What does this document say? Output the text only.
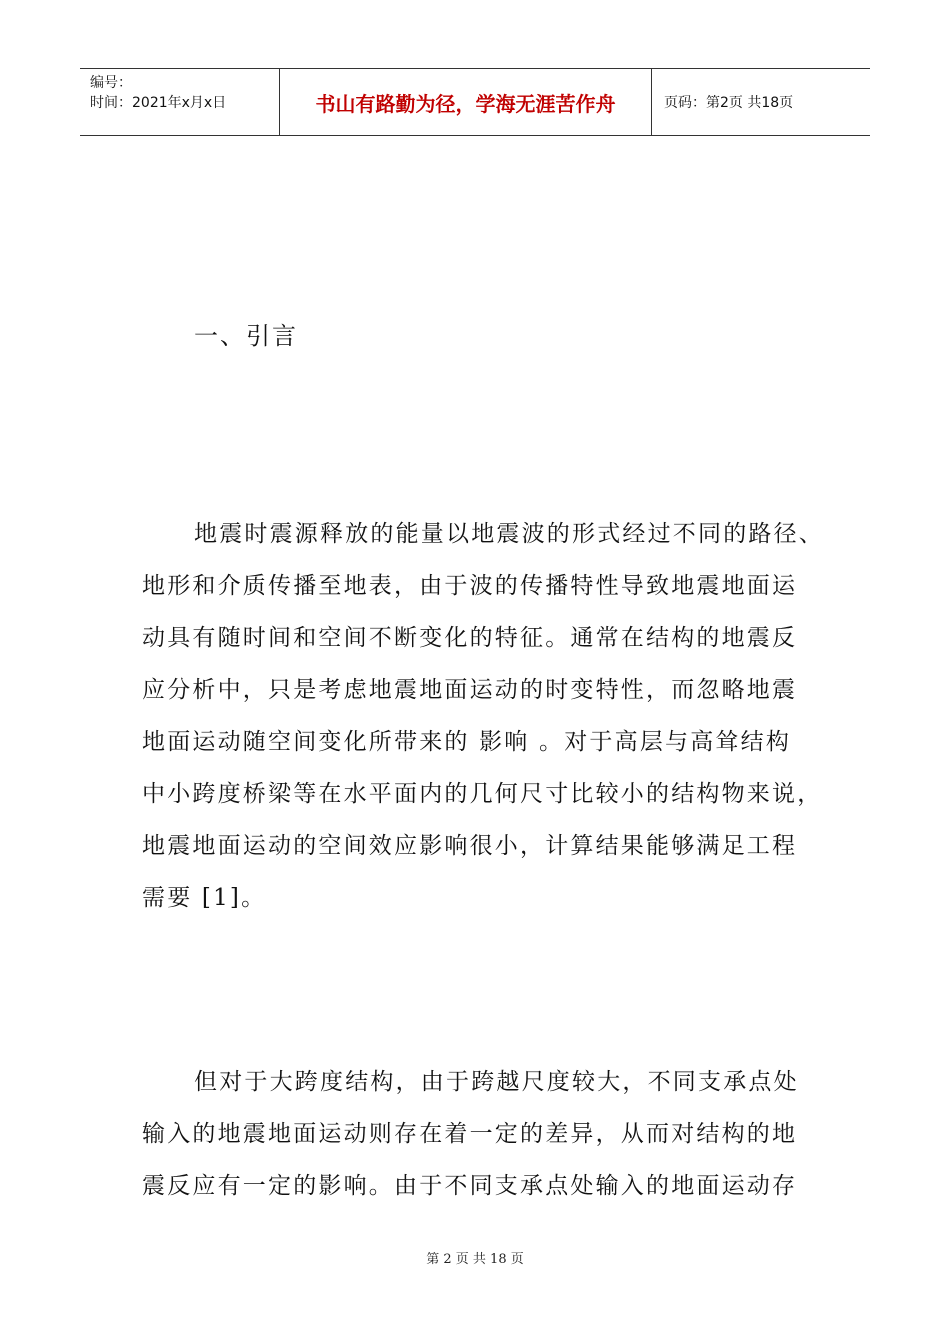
编号：
时间：2021年x月x日	书山有路勤为径，学海无涯苦作舟	页码：第2页 共18页
一、引言
地震时震源释放的能量以地震波的形式经过不同的路径、
地形和介质传播至地表，由于波的传播特性导致地震地面运
动具有随时间和空间不断变化的特征。通常在结构的地震反
应分析中，只是考虑地震地面运动的时变特性，而忽略地震
地面运动随空间变化所带来的 影响 。对于高层与高耸结构
中小跨度桥梁等在水平面内的几何尺寸比较小的结构物来说，
地震地面运动的空间效应影响很小，计算结果能够满足工程
需要 [1]。
但对于大跨度结构，由于跨越尺度较大，不同支承点处
输入的地震地面运动则存在着一定的差异，从而对结构的地
震反应有一定的影响。由于不同支承点处输入的地面运动存
第 2 页 共 18 页
